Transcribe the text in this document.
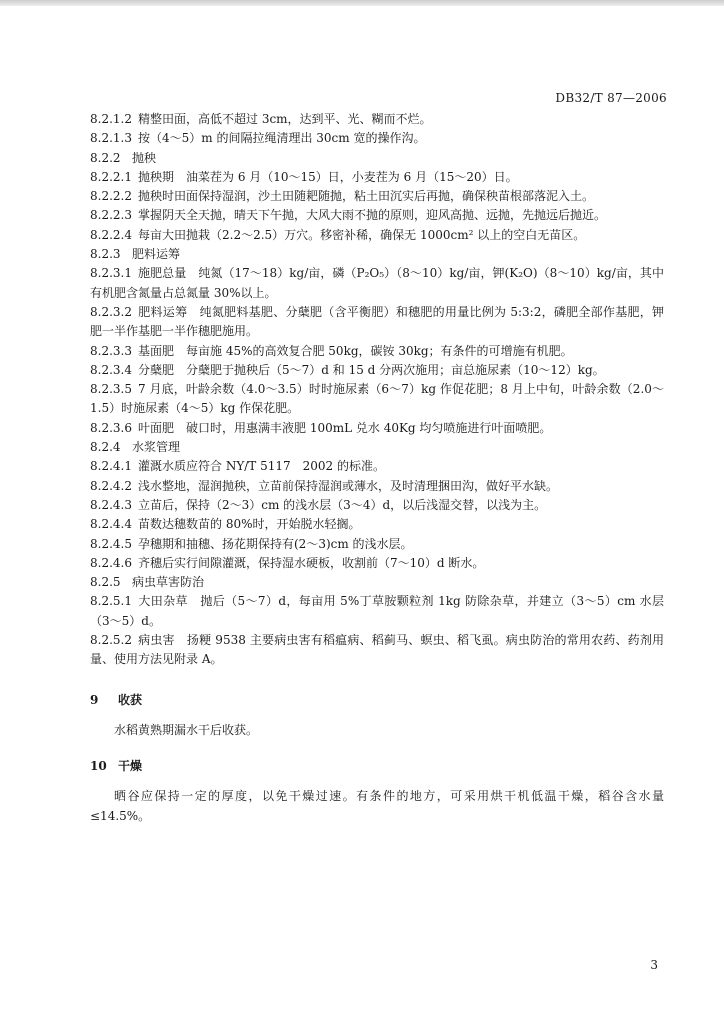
DB32/T 87—2006
8.2.1.2 精整田面，高低不超过 3cm，达到平、光、糊而不烂。
8.2.1.3 按（4～5）m 的间隔拉绳清理出 30cm 宽的操作沟。
8.2.2 抛秧
8.2.2.1 抛秧期　油菜茬为 6 月（10～15）日，小麦茬为 6 月（15～20）日。
8.2.2.2 抛秧时田面保持湿润，沙土田随耙随抛，粘土田沉实后再抛，确保秧苗根部落泥入土。
8.2.2.3 掌握阴天全天抛，晴天下午抛，大风大雨不抛的原则，迎风高抛、远抛，先抛远后抛近。
8.2.2.4 每亩大田抛栽（2.2～2.5）万穴。移密补稀，确保无 1000cm² 以上的空白无苗区。
8.2.3 肥料运筹
8.2.3.1 施肥总量　纯氮（17～18）kg/亩，磷（P₂O₅）（8～10）kg/亩，钾(K₂O)（8～10）kg/亩，其中有机肥含氮量占总氮量 30%以上。
8.2.3.2 肥料运筹　纯氮肥料基肥、分蘖肥（含平衡肥）和穗肥的用量比例为 5:3:2，磷肥全部作基肥，钾肥一半作基肥一半作穗肥施用。
8.2.3.3 基面肥　每亩施 45%的高效复合肥 50kg，碳铵 30kg；有条件的可增施有机肥。
8.2.3.4 分蘖肥　分蘖肥于抛秧后（5～7）d 和 15 d 分两次施用；亩总施尿素（10～12）kg。
8.2.3.5 7 月底，叶龄余数（4.0～3.5）时时施尿素（6～7）kg 作促花肥；8 月上中旬，叶龄余数（2.0～1.5）时施尿素（4～5）kg 作保花肥。
8.2.3.6 叶面肥　破口时，用惠满丰液肥 100mL 兑水 40Kg 均匀喷施进行叶面喷肥。
8.2.4 水浆管理
8.2.4.1 灌溉水质应符合 NY/T 5117　2002 的标准。
8.2.4.2 浅水整地，湿润抛秧，立苗前保持湿润或薄水，及时清理捆田沟，做好平水缺。
8.2.4.3 立苗后，保持（2～3）cm 的浅水层（3～4）d，以后浅湿交替，以浅为主。
8.2.4.4 苗数达穗数苗的 80%时，开始脱水轻搁。
8.2.4.5 孕穗期和抽穗、扬花期保持有(2～3)cm 的浅水层。
8.2.4.6 齐穗后实行间隙灌溉，保持湿水硬板，收割前（7～10）d 断水。
8.2.5 病虫草害防治
8.2.5.1 大田杂草　抛后（5～7）d，每亩用 5%丁草胺颗粒剂 1kg 防除杂草，并建立（3～5）cm 水层（3～5）d。
8.2.5.2 病虫害　扬粳 9538 主要病虫害有稻瘟病、稻蓟马、螟虫、稻飞虱。病虫防治的常用农药、药剂用量、使用方法见附录 A。
9 收获
水稻黄熟期漏水干后收获。
10 干燥
晒谷应保持一定的厚度，以免干燥过速。有条件的地方，可采用烘干机低温干燥，稻谷含水量≤14.5%。
3
